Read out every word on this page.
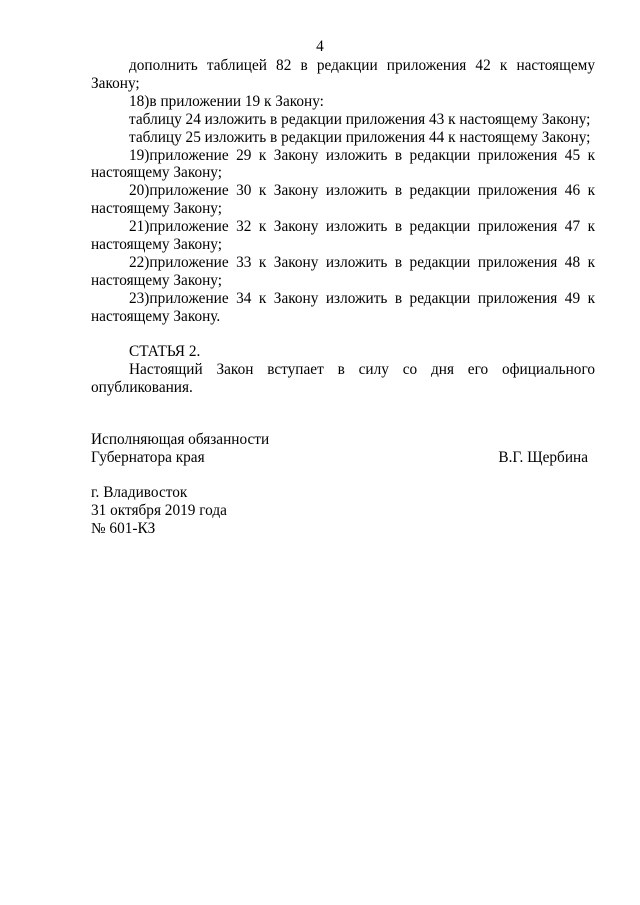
4

дополнить таблицей 82 в редакции приложения 42 к настоящему Закону;

18)в приложении 19 к Закону:

таблицу 24 изложить в редакции приложения 43 к настоящему Закону;

таблицу 25 изложить в редакции приложения 44 к настоящему Закону;

19)приложение 29 к Закону изложить в редакции приложения 45 к настоящему Закону;

20)приложение 30 к Закону изложить в редакции приложения 46 к настоящему Закону;

21)приложение 32 к Закону изложить в редакции приложения 47 к настоящему Закону;

22)приложение 33 к Закону изложить в редакции приложения 48 к настоящему Закону;

23)приложение 34 к Закону изложить в редакции приложения 49 к настоящему Закону.

СТАТЬЯ 2.

Настоящий Закон вступает в силу со дня его официального опубликования.

Исполняющая обязанности

Губернатора края	В.Г. Щербина

г. Владивосток

31 октября 2019 года

№ 601-КЗ
